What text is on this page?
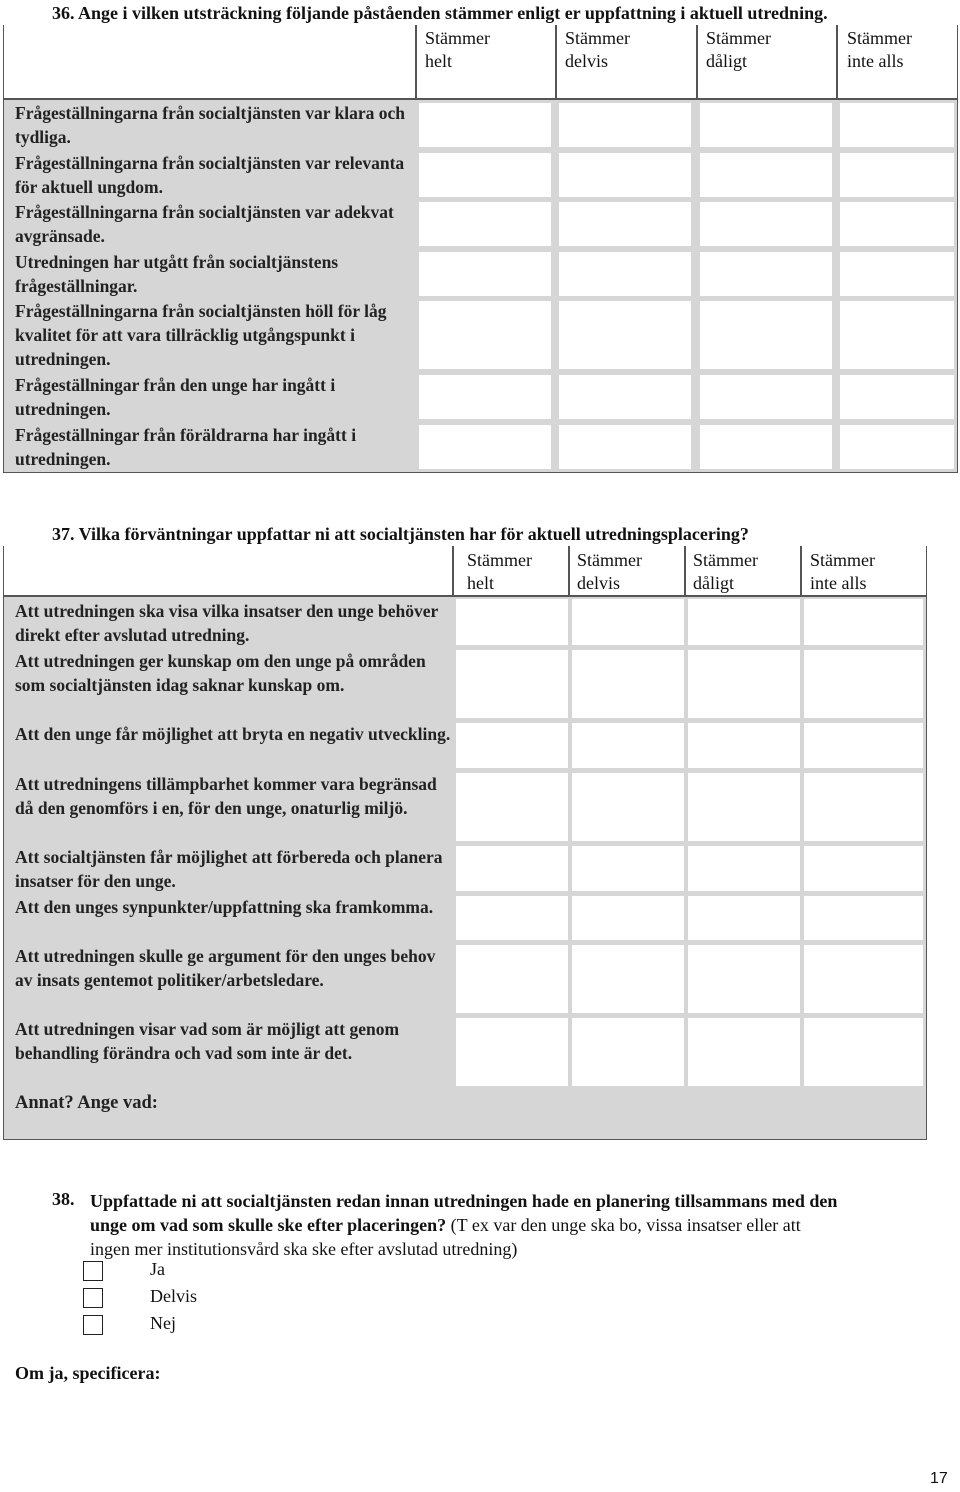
36. Ange i vilken utsträckning följande påståenden stämmer enligt er uppfattning i aktuell utredning.
Stämmer
helt
Stämmer
delvis
Stämmer
dåligt
Stämmer
inte alls
Frågeställningarna från socialtjänsten var klara och tydliga.
Frågeställningarna från socialtjänsten var relevanta för aktuell ungdom.
Frågeställningarna från socialtjänsten var adekvat avgränsade.
Utredningen har utgått från socialtjänstens frågeställningar.
Frågeställningarna från socialtjänsten höll för låg kvalitet för att vara tillräcklig utgångspunkt i utredningen.
Frågeställningar från den unge har ingått i utredningen.
Frågeställningar från föräldrarna har ingått i utredningen.
37. Vilka förväntningar uppfattar ni att socialtjänsten har för aktuell utredningsplacering?
Stämmer
helt
Stämmer
delvis
Stämmer
dåligt
Stämmer
inte alls
Att utredningen ska visa vilka insatser den unge behöver direkt efter avslutad utredning.
Att utredningen ger kunskap om den unge på områden som socialtjänsten idag saknar kunskap om.
Att den unge får möjlighet att bryta en negativ utveckling.
Att utredningens tillämpbarhet kommer vara begränsad då den genomförs i en, för den unge, onaturlig miljö.
Att socialtjänsten får möjlighet att förbereda och planera insatser för den unge.
Att den unges synpunkter/uppfattning ska framkomma.
Att utredningen skulle ge argument för den unges behov av insats gentemot politiker/arbetsledare.
Att utredningen visar vad som är möjligt att genom behandling förändra och vad som inte är det.
Annat? Ange vad:
38. Uppfattade ni att socialtjänsten redan innan utredningen hade en planering tillsammans med den
unge om vad som skulle ske efter placeringen? (T ex var den unge ska bo, vissa insatser eller att
ingen mer institutionsvård ska ske efter avslutad utredning)
Ja
Delvis
Nej
Om ja, specificera:
17
